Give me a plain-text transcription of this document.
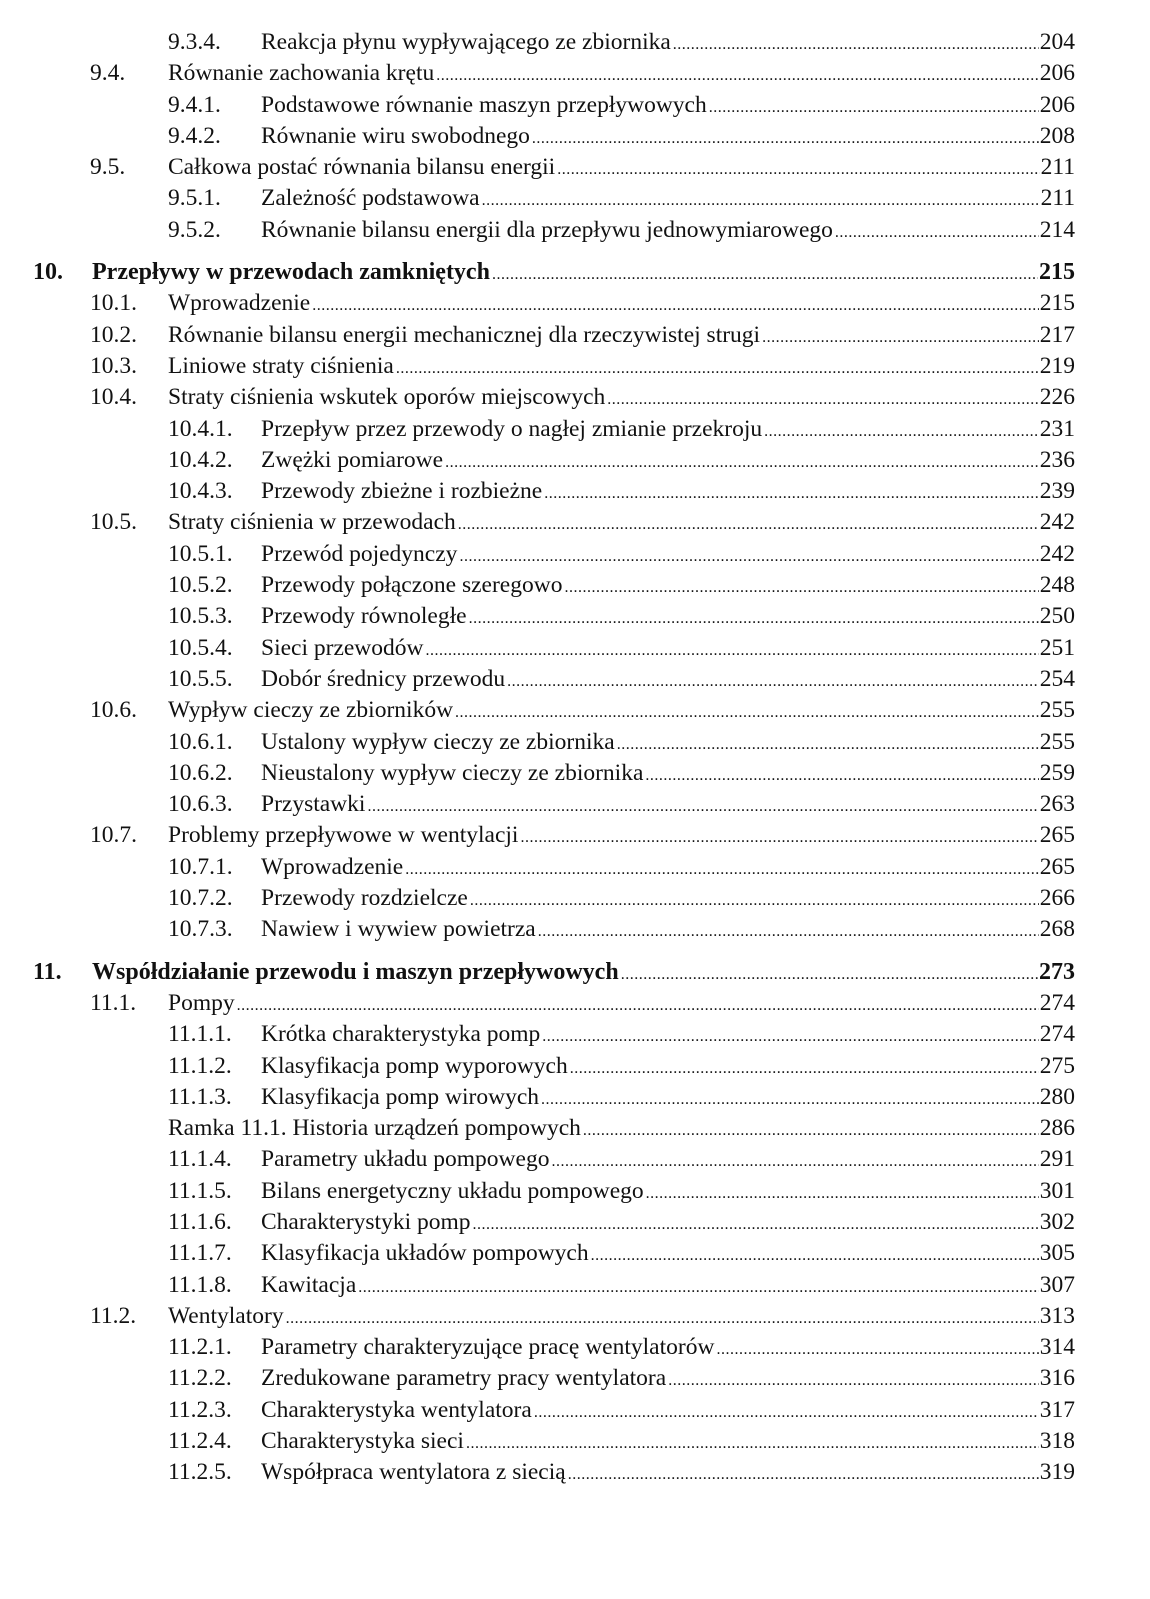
9.3.4. Reakcja płynu wypływającego ze zbiornika .....	204
9.4. Równanie zachowania krętu .....	206
9.4.1. Podstawowe równanie maszyn przepływowych .....	206
9.4.2. Równanie wiru swobodnego .....	208
9.5. Całkowa postać równania bilansu energii .....	211
9.5.1. Zależność podstawowa .....	211
9.5.2. Równanie bilansu energii dla przepływu jednowymiarowego .....	214
10. Przepływy w przewodach zamkniętych .....	215
10.1. Wprowadzenie .....	215
10.2. Równanie bilansu energii mechanicznej dla rzeczywistej strugi .....	217
10.3. Liniowe straty ciśnienia .....	219
10.4. Straty ciśnienia wskutek oporów miejscowych .....	226
10.4.1. Przepływ przez przewody o nagłej zmianie przekroju .....	231
10.4.2. Zwężki pomiarowe .....	236
10.4.3. Przewody zbieżne i rozbieżne .....	239
10.5. Straty ciśnienia w przewodach .....	242
10.5.1. Przewód pojedynczy .....	242
10.5.2. Przewody połączone szeregowo .....	248
10.5.3. Przewody równoległe .....	250
10.5.4. Sieci przewodów .....	251
10.5.5. Dobór średnicy przewodu .....	254
10.6. Wypływ cieczy ze zbiorników .....	255
10.6.1. Ustalony wypływ cieczy ze zbiornika .....	255
10.6.2. Nieustalony wypływ cieczy ze zbiornika .....	259
10.6.3. Przystawki .....	263
10.7. Problemy przepływowe w wentylacji .....	265
10.7.1. Wprowadzenie .....	265
10.7.2. Przewody rozdzielcze .....	266
10.7.3. Nawiew i wywiew powietrza .....	268
11. Współdziałanie przewodu i maszyn przepływowych .....	273
11.1. Pompy .....	274
11.1.1. Krótka charakterystyka pomp .....	274
11.1.2. Klasyfikacja pomp wyporowych .....	275
11.1.3. Klasyfikacja pomp wirowych .....	280
Ramka 11.1. Historia urządzeń pompowych .....	286
11.1.4. Parametry układu pompowego .....	291
11.1.5. Bilans energetyczny układu pompowego .....	301
11.1.6. Charakterystyki pomp .....	302
11.1.7. Klasyfikacja układów pompowych .....	305
11.1.8. Kawitacja .....	307
11.2. Wentylatory .....	313
11.2.1. Parametry charakteryzujące pracę wentylatorów .....	314
11.2.2. Zredukowane parametry pracy wentylatora .....	316
11.2.3. Charakterystyka wentylatora .....	317
11.2.4. Charakterystyka sieci .....	318
11.2.5. Współpraca wentylatora z siecią .....	319
